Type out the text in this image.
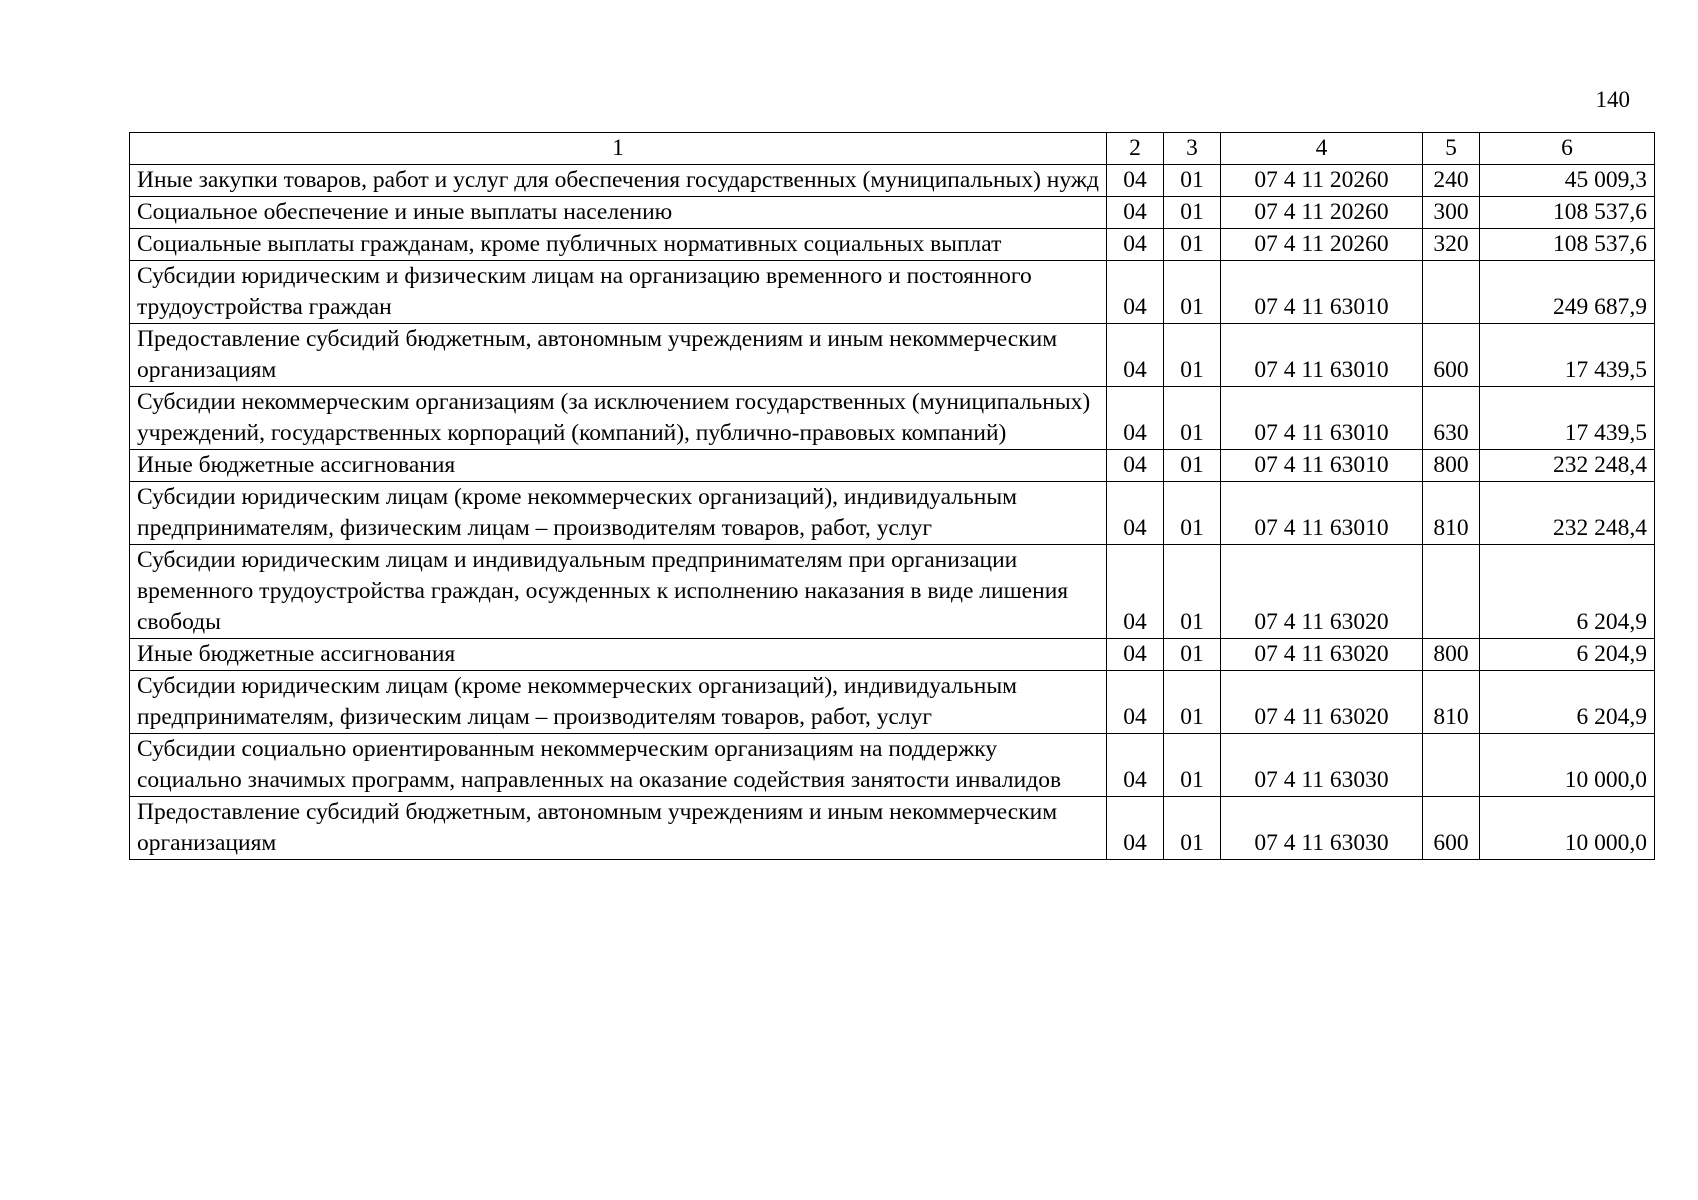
140
1	2	3	4	5	6
Иные закупки товаров, работ и услуг для обеспечения государственных (муниципальных) нужд	04	01	07 4 11 20260	240	45 009,3
Социальное обеспечение и иные выплаты населению	04	01	07 4 11 20260	300	108 537,6
Социальные выплаты гражданам, кроме публичных нормативных социальных выплат	04	01	07 4 11 20260	320	108 537,6
Субсидии юридическим и физическим лицам на организацию временного и постоянного трудоустройства граждан	04	01	07 4 11 63010		249 687,9
Предоставление субсидий бюджетным, автономным учреждениям и иным некоммерческим организациям	04	01	07 4 11 63010	600	17 439,5
Субсидии некоммерческим организациям (за исключением государственных (муниципальных) учреждений, государственных корпораций (компаний), публично-правовых компаний)	04	01	07 4 11 63010	630	17 439,5
Иные бюджетные ассигнования	04	01	07 4 11 63010	800	232 248,4
Субсидии юридическим лицам (кроме некоммерческих организаций), индивидуальным предпринимателям, физическим лицам – производителям товаров, работ, услуг	04	01	07 4 11 63010	810	232 248,4
Субсидии юридическим лицам и индивидуальным предпринимателям при организации временного трудоустройства граждан, осужденных к исполнению наказания в виде лишения свободы	04	01	07 4 11 63020		6 204,9
Иные бюджетные ассигнования	04	01	07 4 11 63020	800	6 204,9
Субсидии юридическим лицам (кроме некоммерческих организаций), индивидуальным предпринимателям, физическим лицам – производителям товаров, работ, услуг	04	01	07 4 11 63020	810	6 204,9
Субсидии социально ориентированным некоммерческим организациям на поддержку социально значимых программ, направленных на оказание содействия занятости инвалидов	04	01	07 4 11 63030		10 000,0
Предоставление субсидий бюджетным, автономным учреждениям и иным некоммерческим организациям	04	01	07 4 11 63030	600	10 000,0
